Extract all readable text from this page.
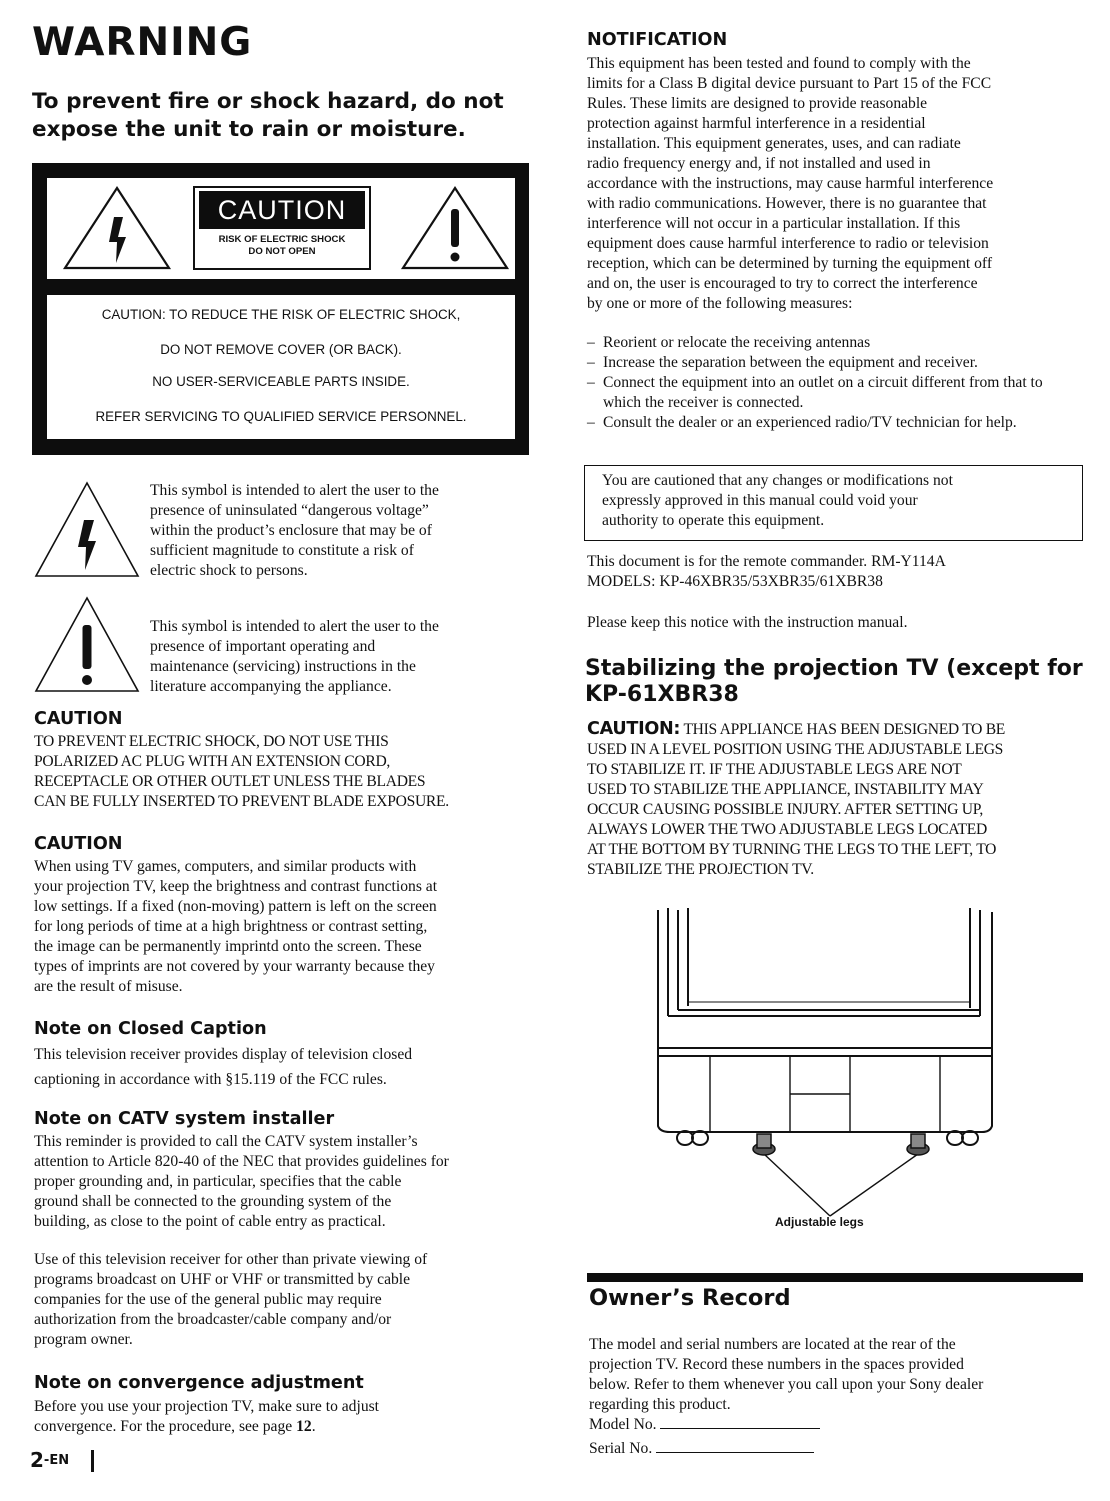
WARNING
To prevent fire or shock hazard, do not expose the unit to rain or moisture.
CAUTION
RISK OF ELECTRIC SHOCK
DO NOT OPEN
CAUTION: TO REDUCE THE RISK OF ELECTRIC SHOCK,
DO NOT REMOVE COVER (OR BACK).
NO USER-SERVICEABLE PARTS INSIDE.
REFER SERVICING TO QUALIFIED SERVICE PERSONNEL.
This symbol is intended to alert the user to the
presence of uninsulated “dangerous voltage”
within the product’s enclosure that may be of
sufficient magnitude to constitute a risk of
electric shock to persons.
This symbol is intended to alert the user to the
presence of important operating and
maintenance (servicing) instructions in the
literature accompanying the appliance.
CAUTION
TO PREVENT ELECTRIC SHOCK, DO NOT USE THIS
POLARIZED AC PLUG WITH AN EXTENSION CORD,
RECEPTACLE OR OTHER OUTLET UNLESS THE BLADES
CAN BE FULLY INSERTED TO PREVENT BLADE EXPOSURE.
CAUTION
When using TV games, computers, and similar products with
your projection TV, keep the brightness and contrast functions at
low settings. If a fixed (non-moving) pattern is left on the screen
for long periods of time at a high brightness or contrast setting,
the image can be permanently imprintd onto the screen. These
types of imprints are not covered by your warranty because they
are the result of misuse.
Note on Closed Caption
This television receiver provides display of television closed
captioning in accordance with §15.119 of the FCC rules.
Note on CATV system installer
This reminder is provided to call the CATV system installer’s
attention to Article 820-40 of the NEC that provides guidelines for
proper grounding and, in particular, specifies that the cable
ground shall be connected to the grounding system of the
building, as close to the point of cable entry as practical.
Use of this television receiver for other than private viewing of
programs broadcast on UHF or VHF or transmitted by cable
companies for the use of the general public may require
authorization from the broadcaster/cable company and/or
program owner.
Note on convergence adjustment
Before you use your projection TV, make sure to adjust
convergence. For the procedure, see page 12.
2-EN
NOTIFICATION
This equipment has been tested and found to comply with the
limits for a Class B digital device pursuant to Part 15 of the FCC
Rules. These limits are designed to provide reasonable
protection against harmful interference in a residential
installation. This equipment generates, uses, and can radiate
radio frequency energy and, if not installed and used in
accordance with the instructions, may cause harmful interference
with radio communications. However, there is no guarantee that
interference will not occur in a particular installation. If this
equipment does cause harmful interference to radio or television
reception, which can be determined by turning the equipment off
and on, the user is encouraged to try to correct the interference
by one or more of the following measures:
– Reorient or relocate the receiving antennas
– Increase the separation between the equipment and receiver.
– Connect the equipment into an outlet on a circuit different from that to which the receiver is connected.
– Consult the dealer or an experienced radio/TV technician for help.
You are cautioned that any changes or modifications not
expressly approved in this manual could void your
authority to operate this equipment.
This document is for the remote commander. RM-Y114A
MODELS: KP-46XBR35/53XBR35/61XBR38
Please keep this notice with the instruction manual.
Stabilizing the projection TV (except for KP-61XBR38
CAUTION: THIS APPLIANCE HAS BEEN DESIGNED TO BE
USED IN A LEVEL POSITION USING THE ADJUSTABLE LEGS
TO STABILIZE IT. IF THE ADJUSTABLE LEGS ARE NOT
USED TO STABILIZE THE APPLIANCE, INSTABILITY MAY
OCCUR CAUSING POSSIBLE INJURY. AFTER SETTING UP,
ALWAYS LOWER THE TWO ADJUSTABLE LEGS LOCATED
AT THE BOTTOM BY TURNING THE LEGS TO THE LEFT, TO
STABILIZE THE PROJECTION TV.
Adjustable legs
Owner’s Record
The model and serial numbers are located at the rear of the
projection TV. Record these numbers in the spaces provided
below. Refer to them whenever you call upon your Sony dealer
regarding this product.
Model No.
Serial No.
